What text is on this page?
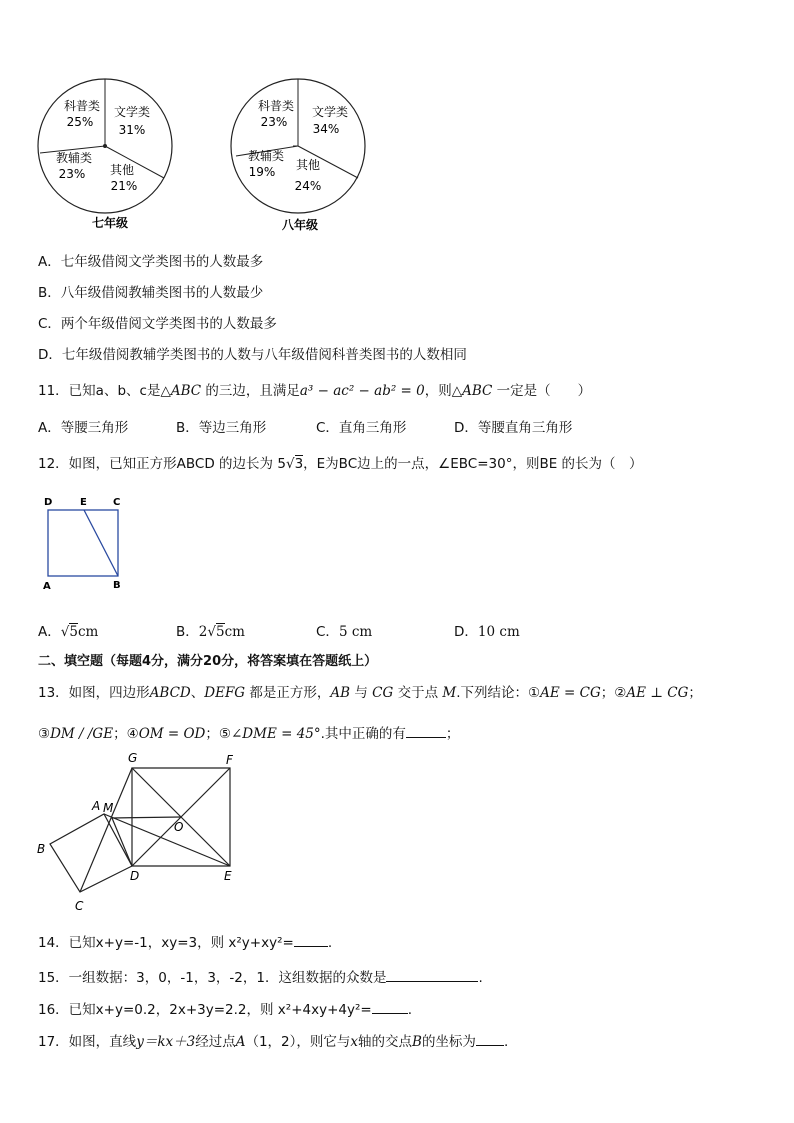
科普类
25%
文学类
31%
其他
21%
教辅类
23%
七年级
科普类
23%
文学类
34%
其他
24%
教辅类
19%
八年级
A．七年级借阅文学类图书的人数最多
B．八年级借阅教辅类图书的人数最少
C．两个年级借阅文学类图书的人数最多
D．七年级借阅教辅学类图书的人数与八年级借阅科普类图书的人数相同
11．已知a、b、c是△ABC 的三边，且满足a³ − ac² − ab² = 0，则△ABC 一定是（　　）
A．等腰三角形	B．等边三角形	C．直角三角形	D．等腰直角三角形
12．如图，已知正方形ABCD 的边长为 5√3，E为BC边上的一点，∠EBC=30°，则BE 的长为（　）
D	E	C
A	B
A．√5cm	B．2√5cm	C．5 cm	D．10 cm
二、填空题（每题4分，满分20分，将答案填在答题纸上）
13．如图，四边形ABCD、DEFG 都是正方形，AB 与 CG 交于点 M.下列结论：①AE = CG；②AE ⊥ CG；
③DM / /GE；④OM = OD；⑤∠DME = 45°.其中正确的有	；
G	F
A M
O
B
D	E
C
14．已知x+y=-1，xy=3，则 x²y+xy²=	.
15．一组数据：3，0，-1，3，-2，1．这组数据的众数是	.
16．已知x+y=0.2，2x+3y=2.2，则 x²+4xy+4y²=	.
17．如图，直线y＝kx＋3经过点A（1，2），则它与x轴的交点B的坐标为 .
